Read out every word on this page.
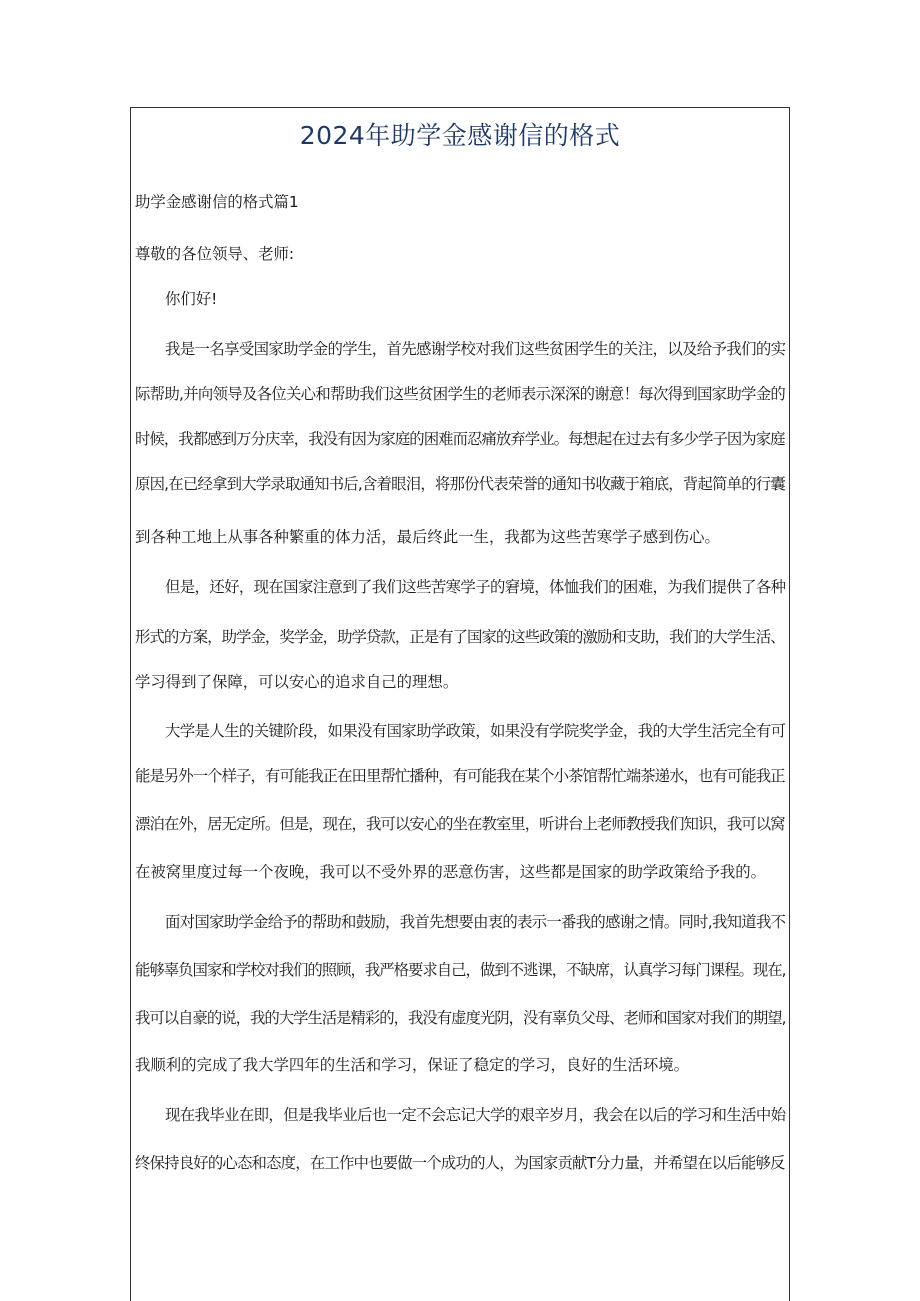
2024年助学金感谢信的格式
助学金感谢信的格式篇1
尊敬的各位领导、老师:
你们好!
我是一名享受国家助学金的学生，首先感谢学校对我们这些贫困学生的关注，以及给予我们的实
际帮助,并向领导及各位关心和帮助我们这些贫困学生的老师表示深深的谢意！每次得到国家助学金的
时候，我都感到万分庆幸，我没有因为家庭的困难而忍痛放弃学业。每想起在过去有多少学子因为家庭
原因,在已经拿到大学录取通知书后,含着眼泪，将那份代表荣誉的通知书收藏于箱底，背起简单的行囊
到各种工地上从事各种繁重的体力活，最后终此一生，我都为这些苦寒学子感到伤心。
但是，还好，现在国家注意到了我们这些苦寒学子的窘境，体恤我们的困难，为我们提供了各种
形式的方案，助学金，奖学金，助学贷款，正是有了国家的这些政策的激励和支助，我们的大学生活、
学习得到了保障，可以安心的追求自己的理想。
大学是人生的关键阶段，如果没有国家助学政策，如果没有学院奖学金，我的大学生活完全有可
能是另外一个样子，有可能我正在田里帮忙播种，有可能我在某个小茶馆帮忙端茶递水，也有可能我正
漂泊在外，居无定所。但是，现在，我可以安心的坐在教室里，听讲台上老师教授我们知识，我可以窝
在被窝里度过每一个夜晚，我可以不受外界的恶意伤害，这些都是国家的助学政策给予我的。
面对国家助学金给予的帮助和鼓励，我首先想要由衷的表示一番我的感谢之情。同时,我知道我不
能够辜负国家和学校对我们的照顾，我严格要求自己，做到不逃课，不缺席，认真学习每门课程。现在,
我可以自豪的说，我的大学生活是精彩的，我没有虚度光阴，没有辜负父母、老师和国家对我们的期望,
我顺利的完成了我大学四年的生活和学习，保证了稳定的学习，良好的生活环境。
现在我毕业在即，但是我毕业后也一定不会忘记大学的艰辛岁月，我会在以后的学习和生活中始
终保持良好的心态和态度，在工作中也要做一个成功的人，为国家贡献T分力量，并希望在以后能够反
